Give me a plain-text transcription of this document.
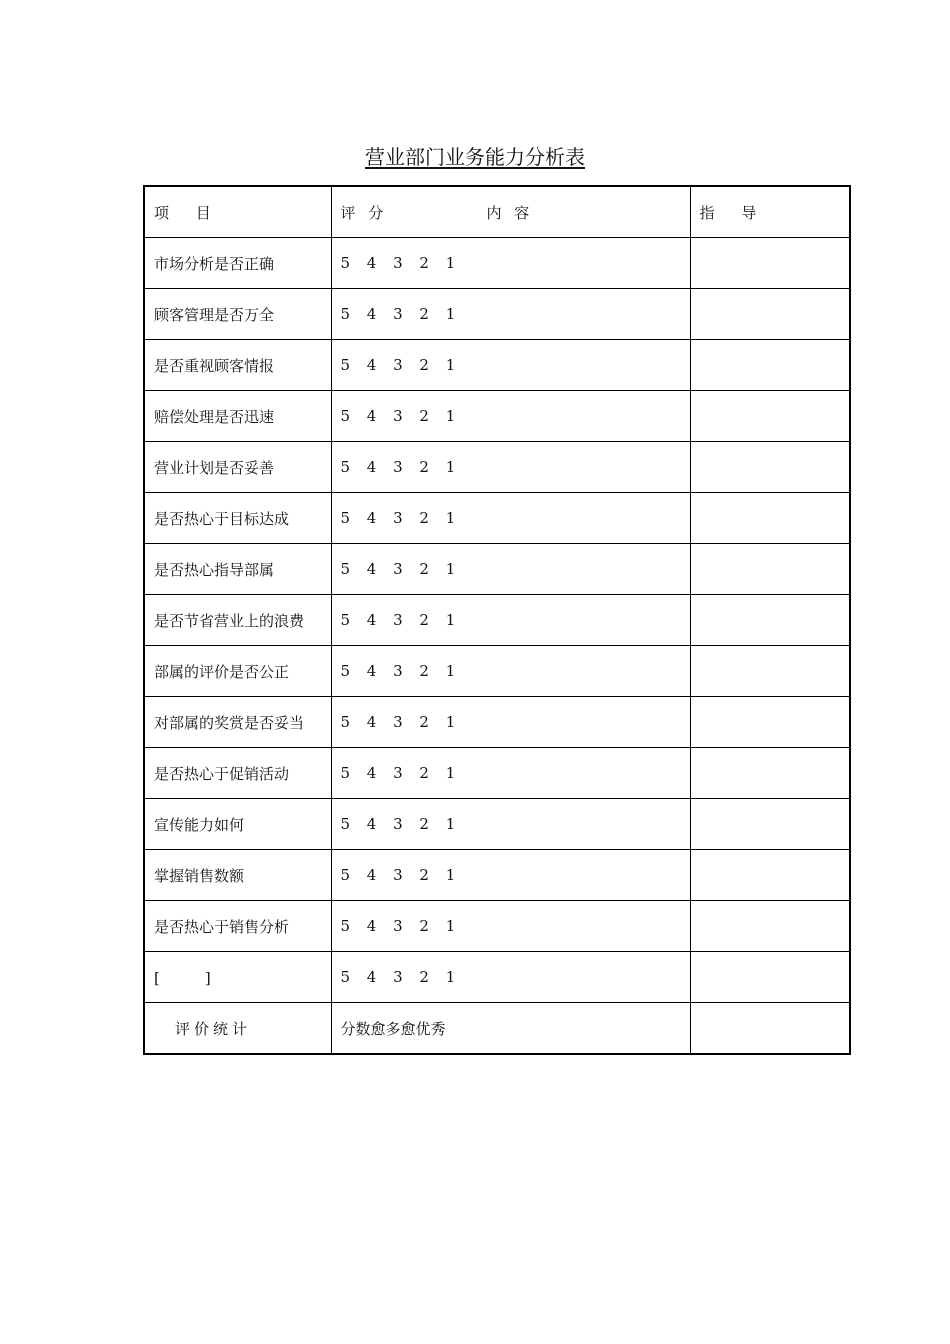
营业部门业务能力分析表
项 目	评 分 内 容	指 导
市场分析是否正确	5 4 3 2 1	
顾客管理是否万全	5 4 3 2 1	
是否重视顾客情报	5 4 3 2 1	
赔偿处理是否迅速	5 4 3 2 1	
营业计划是否妥善	5 4 3 2 1	
是否热心于目标达成	5 4 3 2 1	
是否热心指导部属	5 4 3 2 1	
是否节省营业上的浪费	5 4 3 2 1	
部属的评价是否公正	5 4 3 2 1	
对部属的奖赏是否妥当	5 4 3 2 1	
是否热心于促销活动	5 4 3 2 1	
宣传能力如何	5 4 3 2 1	
掌握销售数额	5 4 3 2 1	
是否热心于销售分析	5 4 3 2 1	
[　　　]	5 4 3 2 1	
评价统计	分数愈多愈优秀	
